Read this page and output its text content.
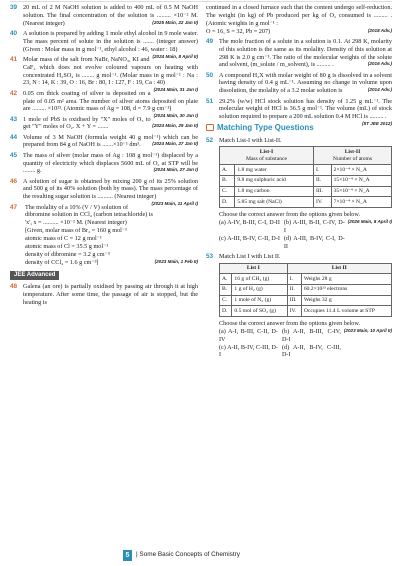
39 20 mL of 2 M NaOH solution is added to 400 mL of 0.5 M NaOH solution. The final concentration of the solution is ......... ×10⁻² M. (Nearest integer)	(2025 Main, 22 Jan II)
40 A solution is prepared by adding 1 mole ethyl alcohol in 9 mole water. The mass percent of solute in the solution is ....... (integer answer) (Given : Molar mass in g mol⁻¹, ethyl alcohol : 46, water : 18)
(2024 Main, 8 April II)
41 Molar mass of the salt from NaBr, NaNO₃, KI and CaF₂ which does not evolve coloured vapours on heating with concentrated H₂SO₄ is ........ g mol⁻¹. (Molar mass in g mol⁻¹ : Na : 23, N : 14, K : 39, O : 16, Br : 80, I : 127, F : 19, Ca : 40)
(2024 Main, 31 Jan I)
42 0.05 cm thick coating of silver is deposited on a plate of 0.05 m² area. The number of silver atoms deposited on plate are ......... ×10²³. (Atomic mass of Ag = 108, d = 7.9 g cm⁻³)
(2024 Main, 30 Jan I)
43 1 mole of PbS is oxidised by "X" moles of O₃ to get "Y" moles of O₂. X + Y = .......	(2024 Main, 29 Jan II)
44 Volume of 3 M NaOH (formula weight 40 g mol⁻¹) which can be prepared from 84 g of NaOH is .......×10⁻¹ dm³.	(2024 Main, 27 Jan II)
45 The mass of silver (molar mass of Ag : 108 g mol⁻¹) displaced by a quantity of electricity which displaces 5600 mL of O₂ at STP will be ........ g.	(2024 Main, 27 Jan I)
46 A solution of sugar is obtained by mixing 200 g of its 25% solution and 500 g of its 40% solution (both by mass). The mass percentage of the resulting sugar solution is .......... (Nearest integer)
(2023 Main, 11 April I)
47	The molality of a 10% (V / V) solution of
dibromine solution in CCl₄ (carbon tetrachloride) is
'x', x = .......... ×10⁻² M. (Nearest integer)
[Given, molar mass of Br₂ = 160 g mol⁻¹
atomic mass of C = 12 g mol⁻¹
atomic mass of Cl = 35.5 g mol⁻¹
density of dibromine = 3.2 g cm⁻³
density of CCl₄ = 1.6 g cm⁻³]	(2023 Main, 1 Feb II)
JEE Advanced
48 Galena (an ore) is partially oxidised by passing air through it at high temperature. After some time, the passage of air is stopped, but the heating is
continued in a closed furnace such that the content undergo self-reduction. The weight (in kg) of Pb produced per kg of O₂ consumed is ......... . (Atomic weights in g mol⁻¹ :
O = 16, S = 32, Pb = 207)	(2018 Adv.)
49 The mole fraction of a solute in a solution is 0.1. At 298 K, molarity of this solution is the same as its molality. Density of this solution at 298 K is 2.0 g cm⁻³. The ratio of the molecular weights of the solute and solvent, (m_solute / m_solvent), is ......... .	(2016 Adv.)
50 A compound H₂X with molar weight of 80 g is dissolved in a solvent having density of 0.4 g mL⁻¹. Assuming no change in volume upon dissolution, the molality of a 3.2 molar solution is	(2014 Adv.)
51 29.2% (w/w) HCl stock solution has density of 1.25 g mL⁻¹. The molecular weight of HCl is 36.5 g mol⁻¹. The volume (mL) of stock solution required to prepare a 200 mL solution 0.4 M HCl is ......... .
(IIT JEE 2012)
Matching Type Questions
52 Match List-I with List-II.
List-I
Mass of substance		List-II
Number of atoms	
A.	1.8 mg water	I.	2×10⁻⁴ × N_A
B.	9.8 mg sulphuric acid	II.	15×10⁻⁴ × N_A
C.	1.8 mg carbon	III.	35×10⁻⁴ × N_A
D.	5.85 mg salt (NaCl)	IV.	7×10⁻⁴ × N_A
Choose the correct answer from the options given below.
(2026 Main, 8 April I)
(a) A-IV, B-III, C-I, D-II (b) A-III, B-II, C-IV, D-I
(c) A-III, B-IV, C-II, D-I (d) A-III, B-IV, C-I, D-II
53 Match List I with List II.
List I		List II	
A.	16 g of CH₄ (g)	I.	Weighs 28 g
B.	1 g of H₂ (g)	II.	60.2×10²³ electrons
C.	1 mole of N₂ (g)	III.	Weighs 32 g
D.	0.5 mol of SO₂ (g)	IV.	Occupies 11.4 L volume at STP
Choose the correct answer from the options given below.
(2023 Main, 10 April II)
(a) A-I, B-III, C-II, D-IV
(b) A-II, B-III, C-IV, D-I
(c) A-II, B-IV, C-III, D-I
(d) A-II, B-IV, C-III, D-I
5	| Some Basic Concepts of Chemistry
